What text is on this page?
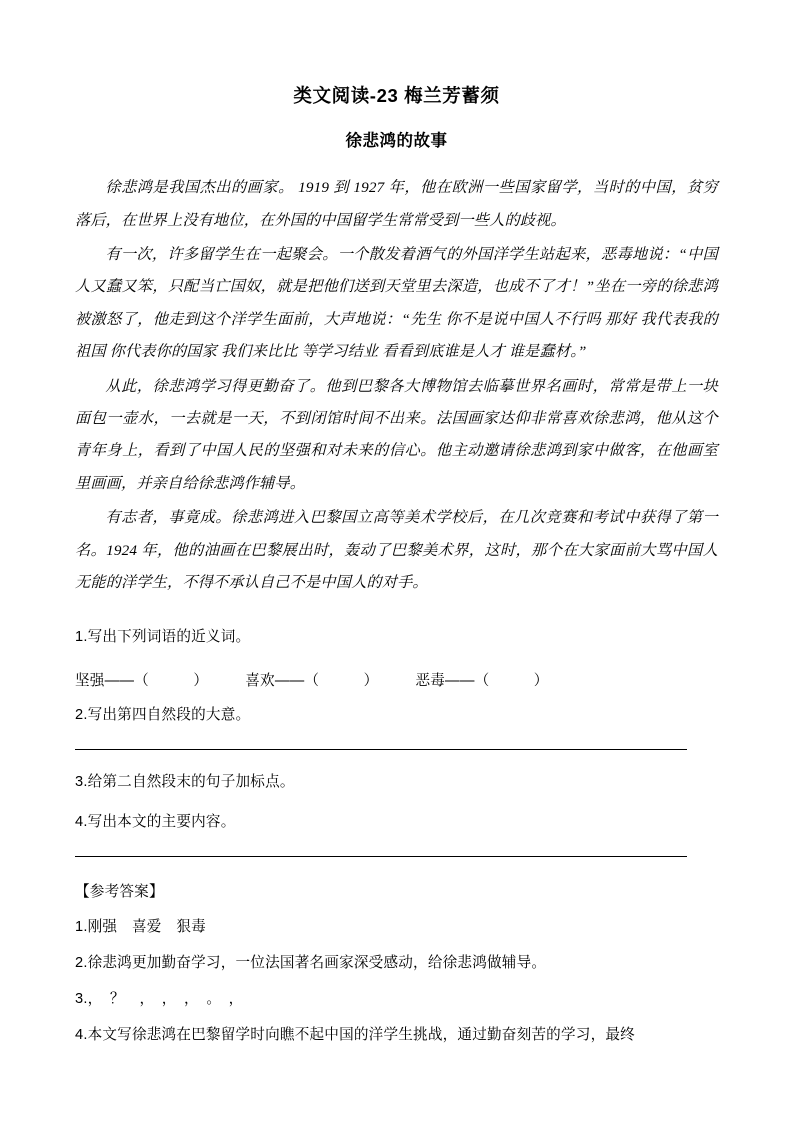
类文阅读-23 梅兰芳蓄须
徐悲鸿的故事

徐悲鸿是我国杰出的画家。 1919 到 1927 年，他在欧洲一些国家留学，当时的中国，贫穷落后，在世界上没有地位，在外国的中国留学生常常受到一些人的歧视。

有一次，许多留学生在一起聚会。一个散发着酒气的外国洋学生站起来，恶毒地说：“中国人又蠢又笨，只配当亡国奴，就是把他们送到天堂里去深造，也成不了才！”坐在一旁的徐悲鸿被激怒了，他走到这个洋学生面前，大声地说：“先生 你不是说中国人不行吗 那好 我代表我的祖国 你代表你的国家 我们来比比 等学习结业 看看到底谁是人才 谁是蠢材。”

从此，徐悲鸿学习得更勤奋了。他到巴黎各大博物馆去临摹世界名画时，常常是带上一块面包一壶水，一去就是一天，不到闭馆时间不出来。法国画家达仰非常喜欢徐悲鸿，他从这个青年身上，看到了中国人民的坚强和对未来的信心。他主动邀请徐悲鸿到家中做客，在他画室里画画，并亲自给徐悲鸿作辅导。

有志者，事竟成。徐悲鸿进入巴黎国立高等美术学校后，在几次竞赛和考试中获得了第一名。1924 年，他的油画在巴黎展出时，轰动了巴黎美术界，这时，那个在大家面前大骂中国人无能的洋学生，不得不承认自己不是中国人的对手。

1.写出下列词语的近义词。

坚强——（　　　）　　　喜欢——（　　　）　　　恶毒——（　　　）

2.写出第四自然段的大意。

3.给第二自然段末的句子加标点。

4.写出本文的主要内容。

【参考答案】

1.刚强　喜爱　狠毒

2.徐悲鸿更加勤奋学习，一位法国著名画家深受感动，给徐悲鸿做辅导。

3.，　？　，　，　，　。　，

4.本文写徐悲鸿在巴黎留学时向瞧不起中国的洋学生挑战，通过勤奋刻苦的学习，最终
